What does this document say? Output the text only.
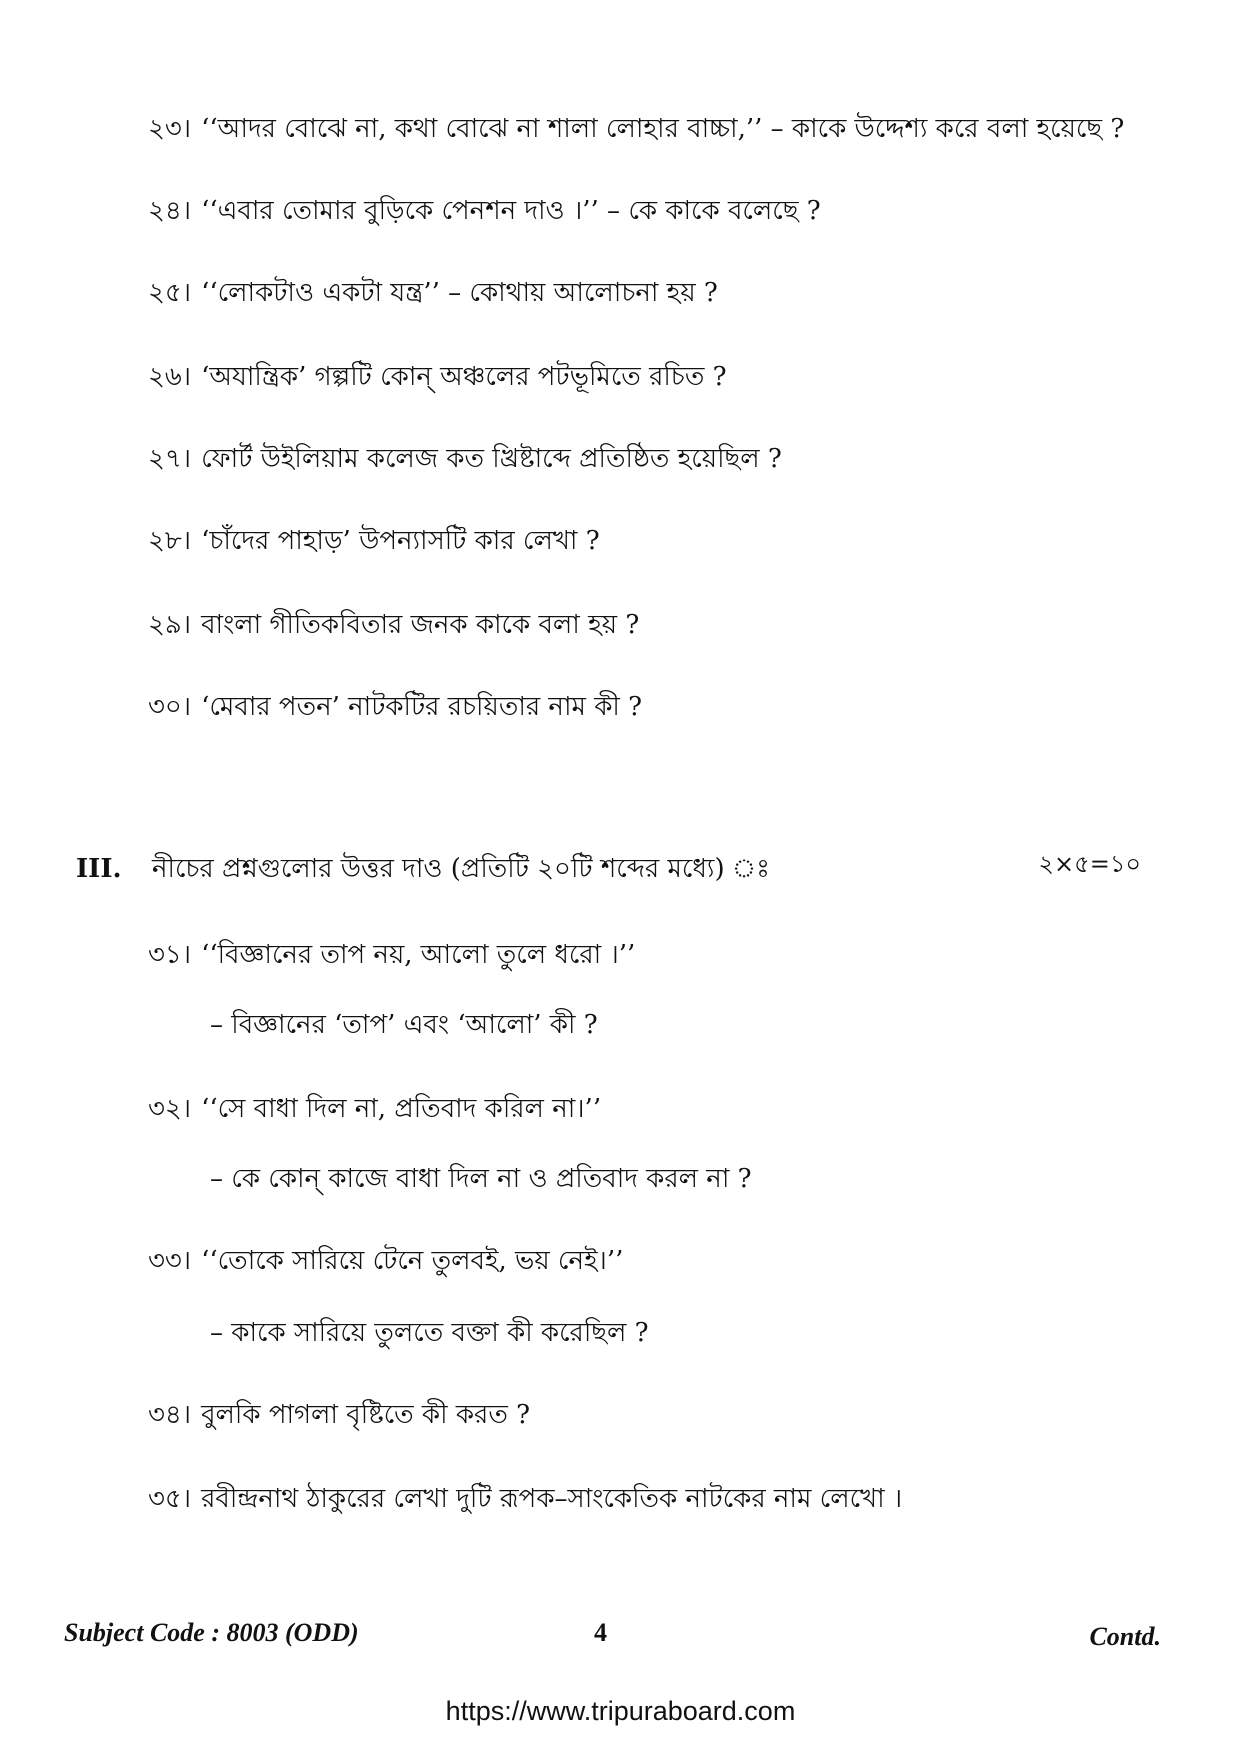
২৩। ‘‘আদর বোঝে না, কথা বোঝে না শালা লোহার বাচ্চা,’’ – কাকে উদ্দেশ্য করে বলা হয়েছে ?
২৪। ‘‘এবার তোমার বুড়িকে পেনশন দাও ।’’ – কে কাকে বলেছে ?
২৫। ‘‘লোকটাও একটা যন্ত্র’’ – কোথায় আলোচনা হয় ?
২৬। ‘অযান্ত্রিক’ গল্পটি কোন্ অঞ্চলের পটভূমিতে রচিত ?
২৭। ফোর্ট উইলিয়াম কলেজ কত খ্রিষ্টাব্দে প্রতিষ্ঠিত হয়েছিল ?
২৮। ‘চাঁদের পাহাড়’ উপন্যাসটি কার লেখা ?
২৯। বাংলা গীতিকবিতার জনক কাকে বলা হয় ?
৩০। ‘মেবার পতন’ নাটকটির রচয়িতার নাম কী ?
III. নীচের প্রশ্নগুলোর উত্তর দাও (প্রতিটি ২০টি শব্দের মধ্যে) ঃ	২×৫=১০
৩১। ‘‘বিজ্ঞানের তাপ নয়, আলো তুলে ধরো ।’’
– বিজ্ঞানের ‘তাপ’ এবং ‘আলো’ কী ?
৩২। ‘‘সে বাধা দিল না, প্রতিবাদ করিল না।’’
– কে কোন্ কাজে বাধা দিল না ও প্রতিবাদ করল না ?
৩৩। ‘‘তোকে সারিয়ে টেনে তুলবই, ভয় নেই।’’
– কাকে সারিয়ে তুলতে বক্তা কী করেছিল ?
৩৪। বুলকি পাগলা বৃষ্টিতে কী করত ?
৩৫। রবীন্দ্রনাথ ঠাকুরের লেখা দুটি রূপক–সাংকেতিক নাটকের নাম লেখো ।
Subject Code : 8003 (ODD)	4	Contd.
https://www.tripuraboard.com
